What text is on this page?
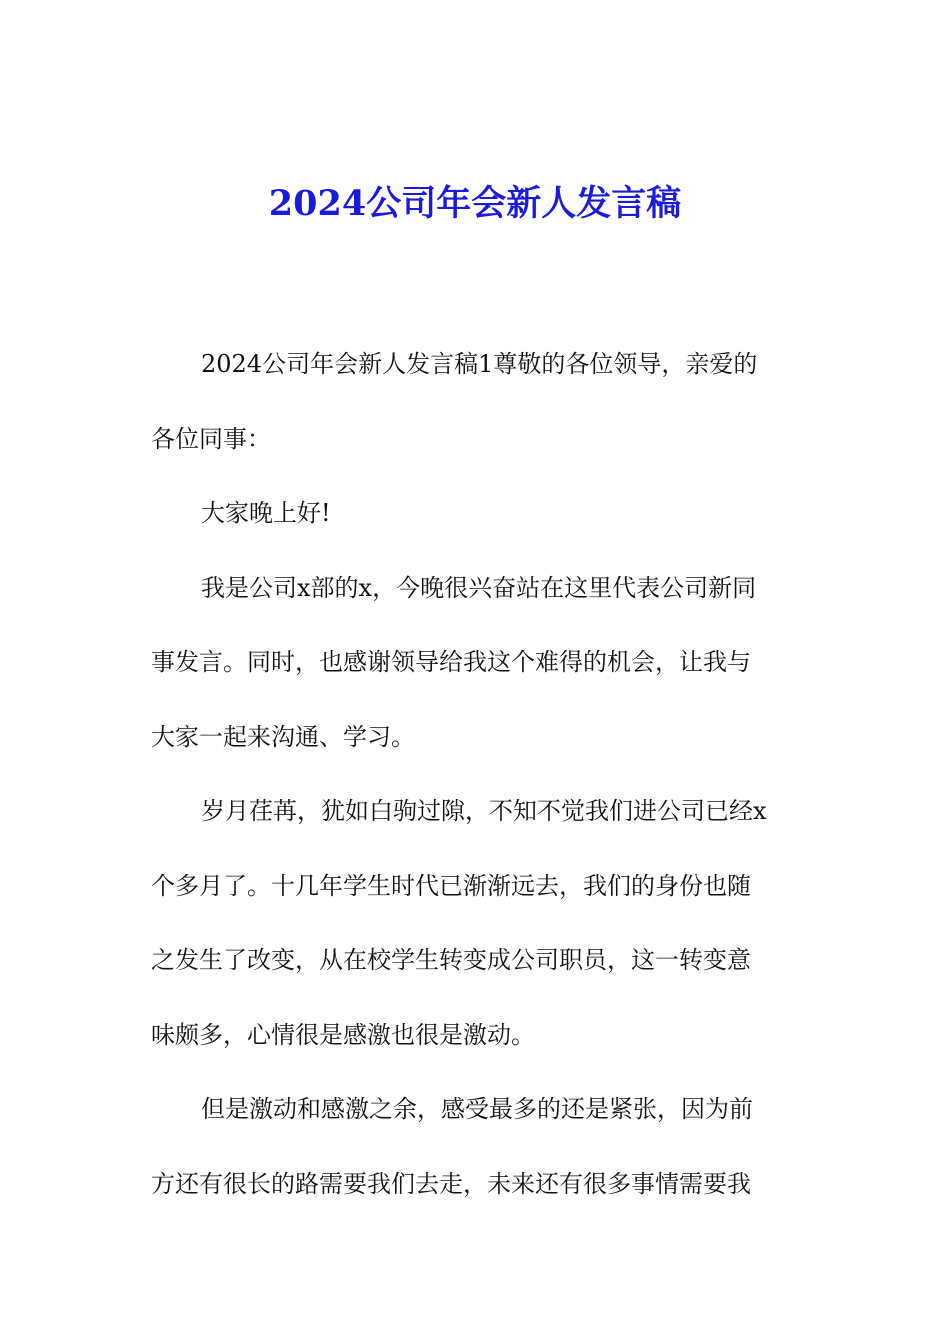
2024公司年会新人发言稿
2024公司年会新人发言稿1尊敬的各位领导，亲爱的
各位同事：
大家晚上好!
我是公司x部的x，今晚很兴奋站在这里代表公司新同
事发言。同时，也感谢领导给我这个难得的机会，让我与
大家一起来沟通、学习。
岁月荏苒，犹如白驹过隙，不知不觉我们进公司已经x
个多月了。十几年学生时代已渐渐远去，我们的身份也随
之发生了改变，从在校学生转变成公司职员，这一转变意
味颇多，心情很是感激也很是激动。
但是激动和感激之余，感受最多的还是紧张，因为前
方还有很长的路需要我们去走，未来还有很多事情需要我
